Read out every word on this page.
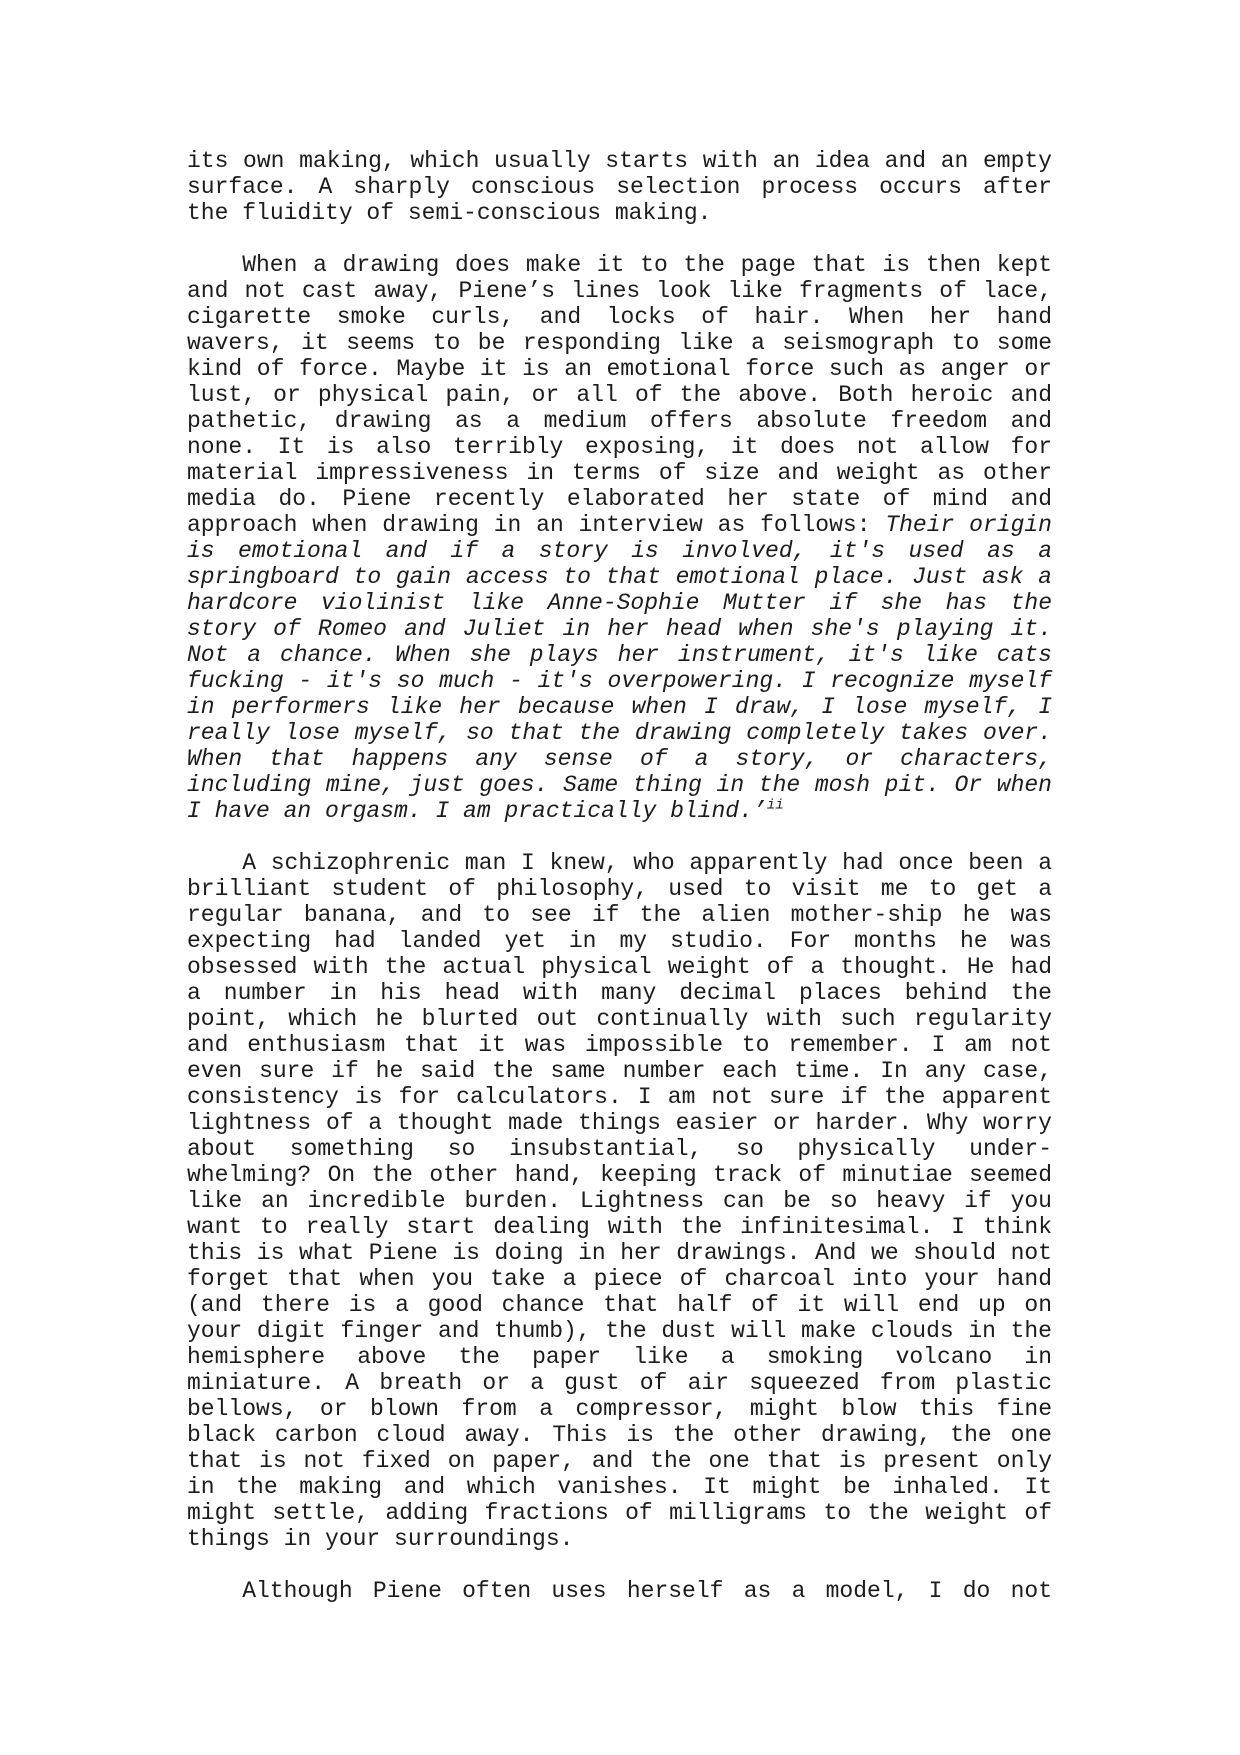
its own making, which usually starts with an idea and an empty
surface. A sharply conscious selection process occurs after
the fluidity of semi-conscious making.
When a drawing does make it to the page that is then kept
and not cast away, Piene’s lines look like fragments of lace,
cigarette smoke curls, and locks of hair. When her hand
wavers, it seems to be responding like a seismograph to some
kind of force. Maybe it is an emotional force such as anger or
lust, or physical pain, or all of the above. Both heroic and
pathetic, drawing as a medium offers absolute freedom and
none. It is also terribly exposing, it does not allow for
material impressiveness in terms of size and weight as other
media do. Piene recently elaborated her state of mind and
approach when drawing in an interview as follows: Their origin
is emotional and if a story is involved, it's used as a
springboard to gain access to that emotional place. Just ask a
hardcore violinist like Anne-Sophie Mutter if she has the
story of Romeo and Juliet in her head when she's playing it.
Not a chance. When she plays her instrument, it's like cats
fucking - it's so much - it's overpowering. I recognize myself
in performers like her because when I draw, I lose myself, I
really lose myself, so that the drawing completely takes over.
When that happens any sense of a story, or characters,
including mine, just goes. Same thing in the mosh pit. Or when
I have an orgasm. I am practically blind.’$^{ii}$
A schizophrenic man I knew, who apparently had once been a
brilliant student of philosophy, used to visit me to get a
regular banana, and to see if the alien mother-ship he was
expecting had landed yet in my studio. For months he was
obsessed with the actual physical weight of a thought. He had
a number in his head with many decimal places behind the
point, which he blurted out continually with such regularity
and enthusiasm that it was impossible to remember. I am not
even sure if he said the same number each time. In any case,
consistency is for calculators. I am not sure if the apparent
lightness of a thought made things easier or harder. Why worry
about something so insubstantial, so physically under-
whelming? On the other hand, keeping track of minutiae seemed
like an incredible burden. Lightness can be so heavy if you
want to really start dealing with the infinitesimal. I think
this is what Piene is doing in her drawings. And we should not
forget that when you take a piece of charcoal into your hand
(and there is a good chance that half of it will end up on
your digit finger and thumb), the dust will make clouds in the
hemisphere above the paper like a smoking volcano in
miniature. A breath or a gust of air squeezed from plastic
bellows, or blown from a compressor, might blow this fine
black carbon cloud away. This is the other drawing, the one
that is not fixed on paper, and the one that is present only
in the making and which vanishes. It might be inhaled. It
might settle, adding fractions of milligrams to the weight of
things in your surroundings.
Although Piene often uses herself as a model, I do not
